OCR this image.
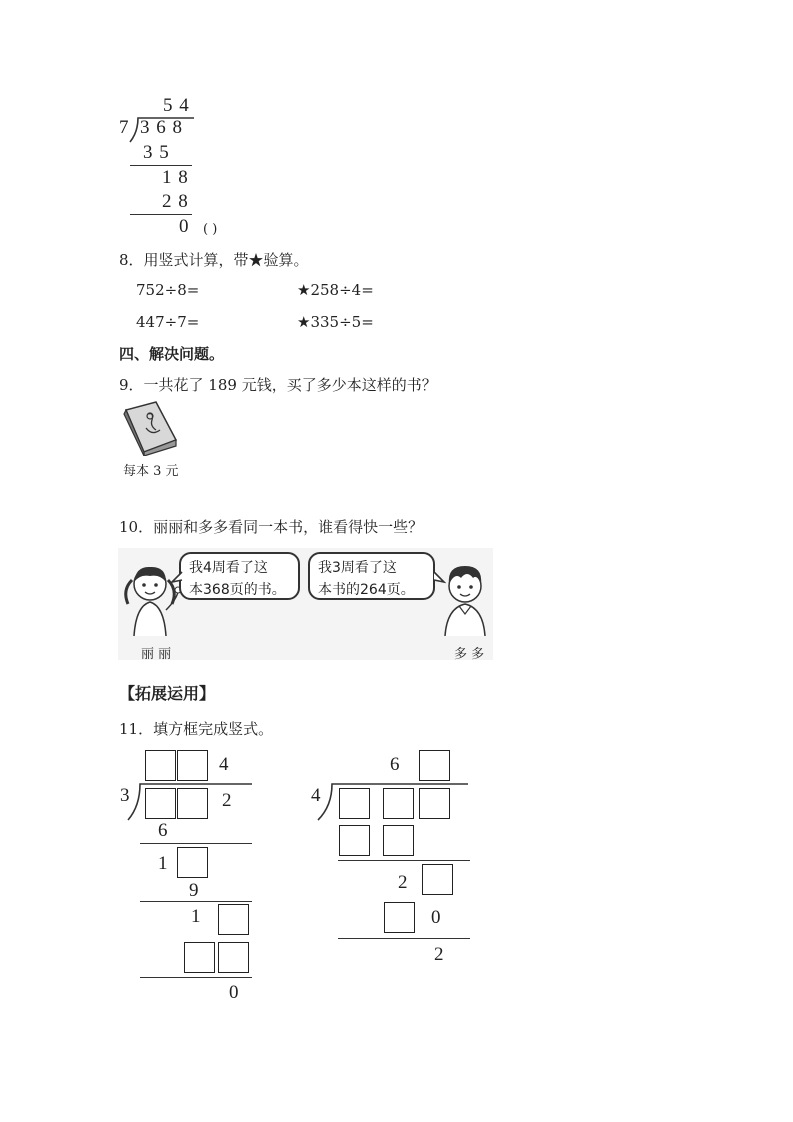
5 4
7 3 6 8
3 5
1 8
2 8
0 ( )
8．用竖式计算，带★验算。
752÷8=	★258÷4=
447÷7=	★335÷5=
四、解决问题。
9．一共花了 189 元钱，买了多少本这样的书？
每本 3 元
10．丽丽和多多看同一本书，谁看得快一些？
丽 丽
我4周看了这
本368页的书。
我3周看了这
本书的264页。
多 多
【拓展运用】
11．填方框完成竖式。
4
3	2
6
1
9
1
0
6
4
2
0
2
